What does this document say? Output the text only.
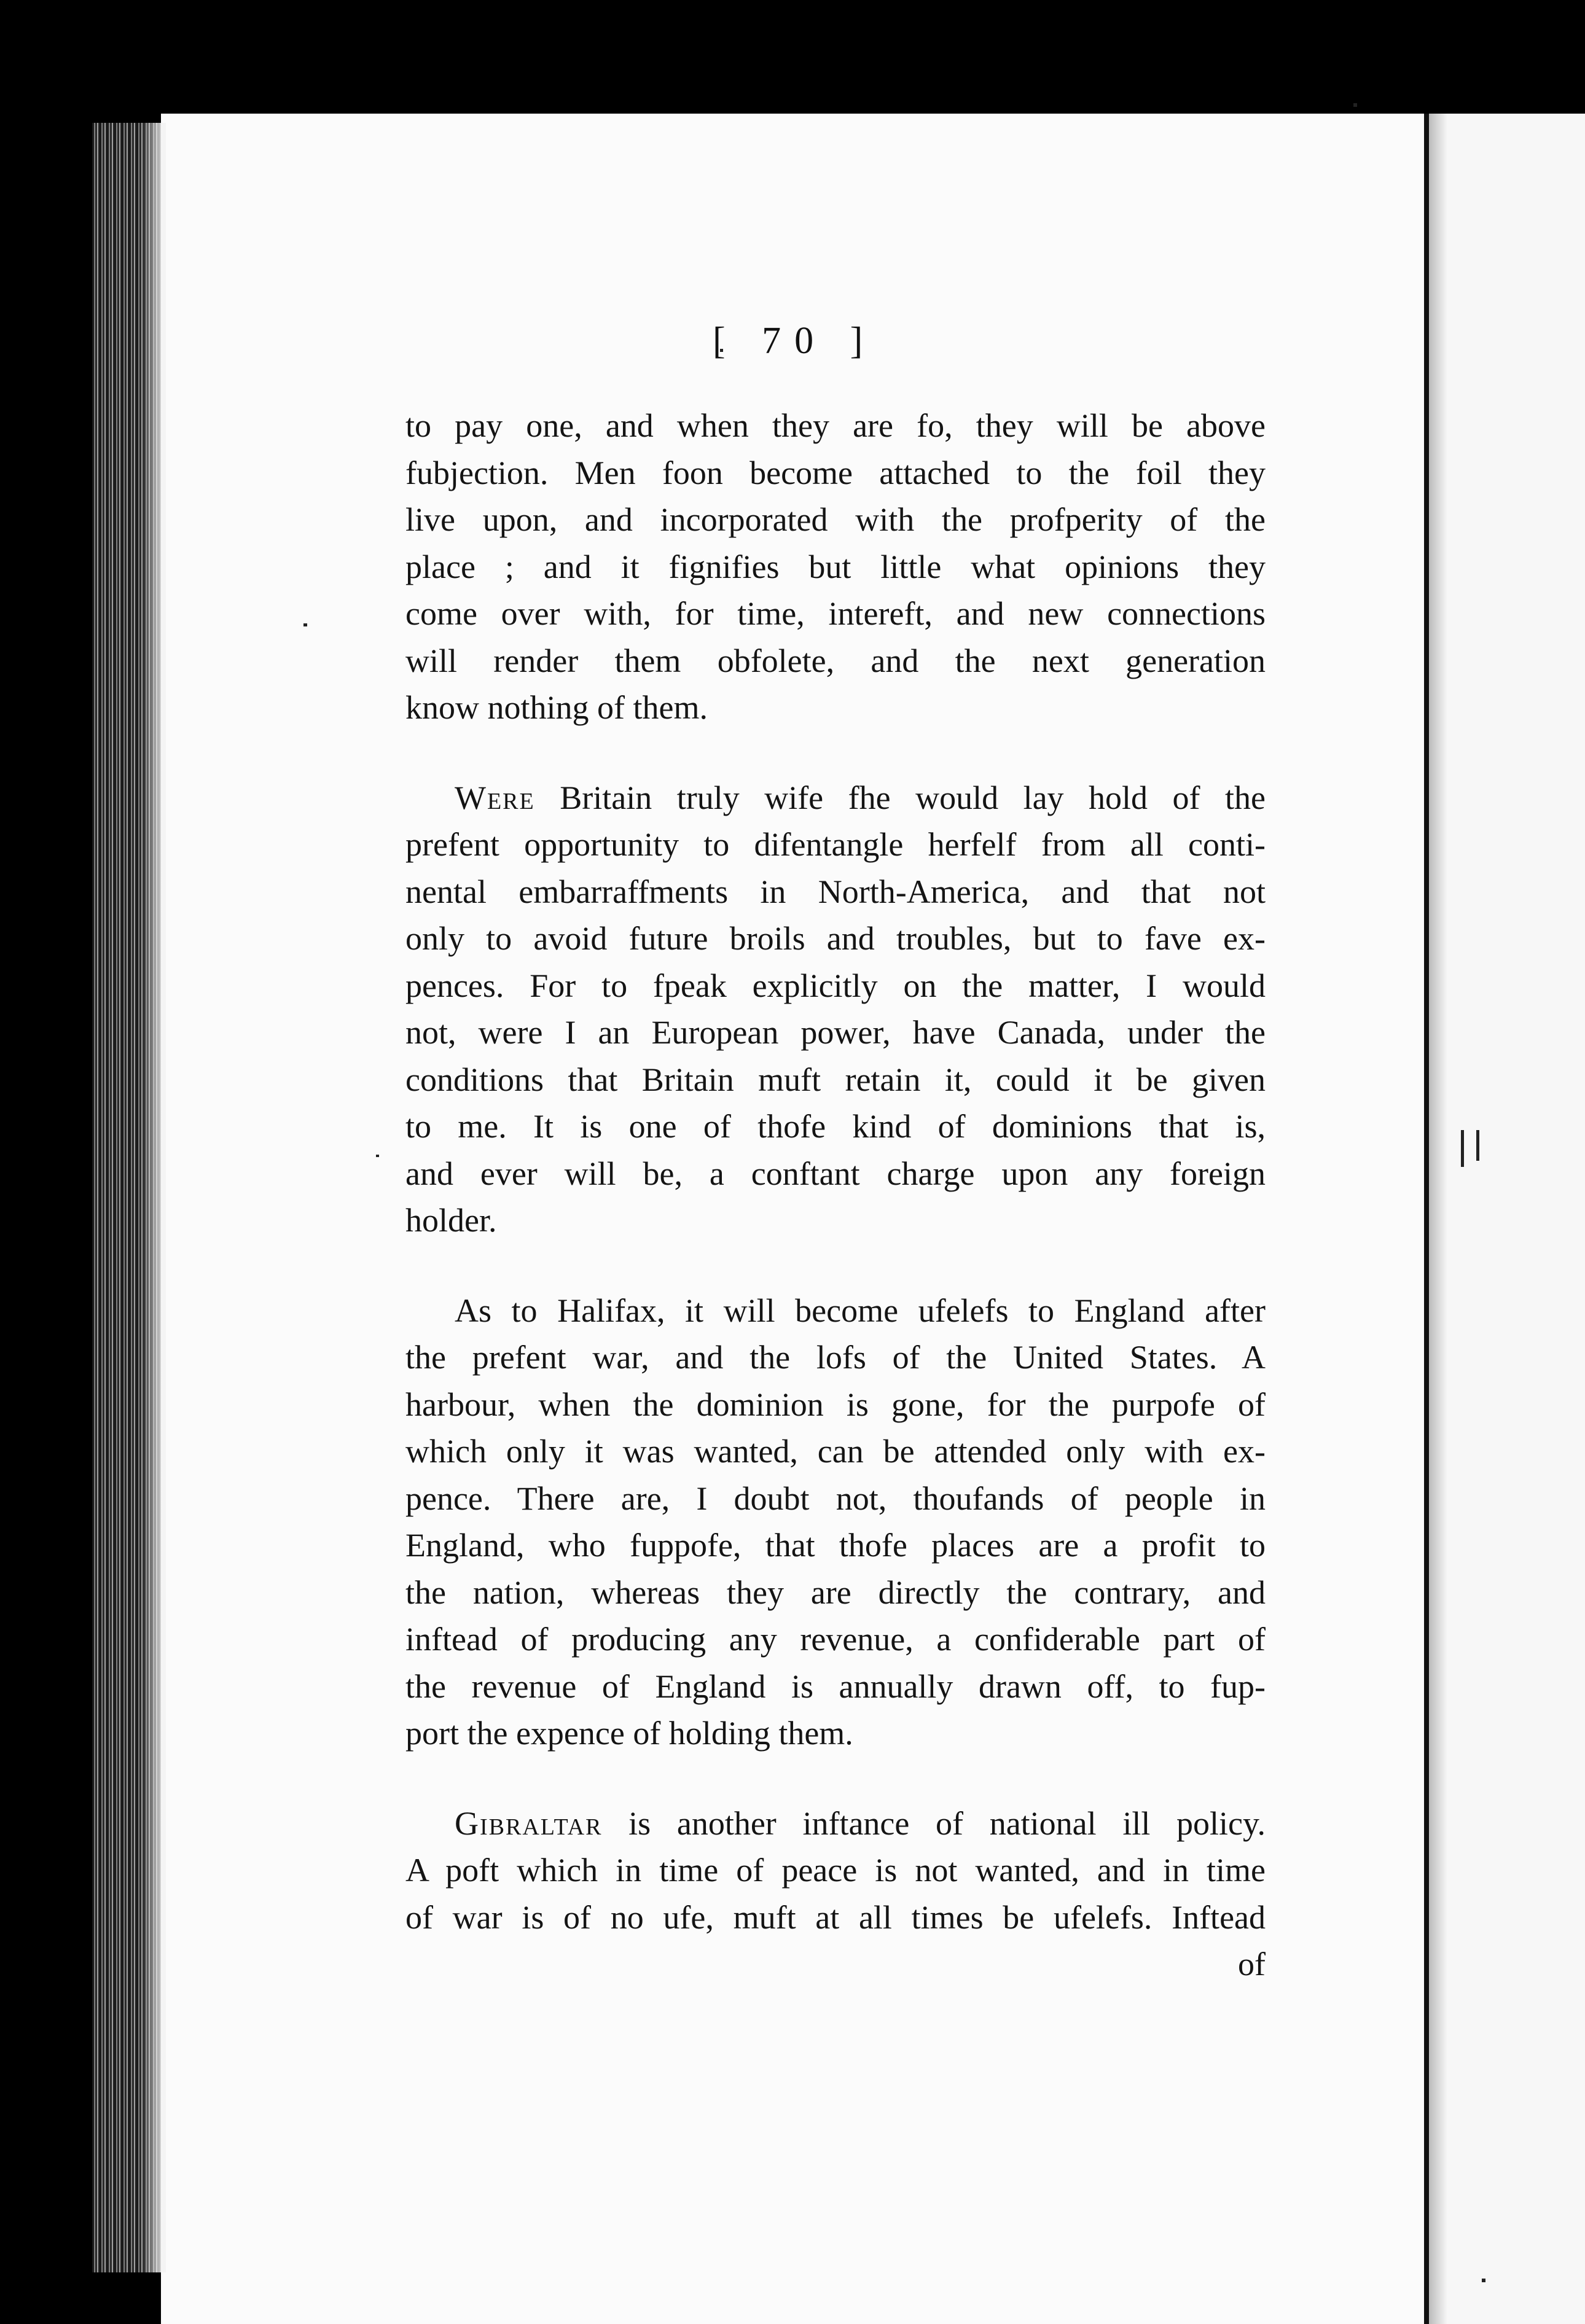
[ 70 ]
to pay one, and when they are fo, they will be above
fubjection. Men foon become attached to the foil they
live upon, and incorporated with the profperity of the
place ; and it fignifies but little what opinions they
come over with, for time, intereft, and new connections
will render them obfolete, and the next generation
know nothing of them.
Were Britain truly wife fhe would lay hold of the
prefent opportunity to difentangle herfelf from all conti-
nental embarraffments in North-America, and that not
only to avoid future broils and troubles, but to fave ex-
pences. For to fpeak explicitly on the matter, I would
not, were I an European power, have Canada, under the
conditions that Britain muft retain it, could it be given
to me. It is one of thofe kind of dominions that is,
and ever will be, a conftant charge upon any foreign
holder.
As to Halifax, it will become ufelefs to England after
the prefent war, and the lofs of the United States. A
harbour, when the dominion is gone, for the purpofe of
which only it was wanted, can be attended only with ex-
pence. There are, I doubt not, thoufands of people in
England, who fuppofe, that thofe places are a profit to
the nation, whereas they are directly the contrary, and
inftead of producing any revenue, a confiderable part of
the revenue of England is annually drawn off, to fup-
port the expence of holding them.
Gibraltar is another inftance of national ill policy.
A poft which in time of peace is not wanted, and in time
of war is of no ufe, muft at all times be ufelefs. Inftead
of
